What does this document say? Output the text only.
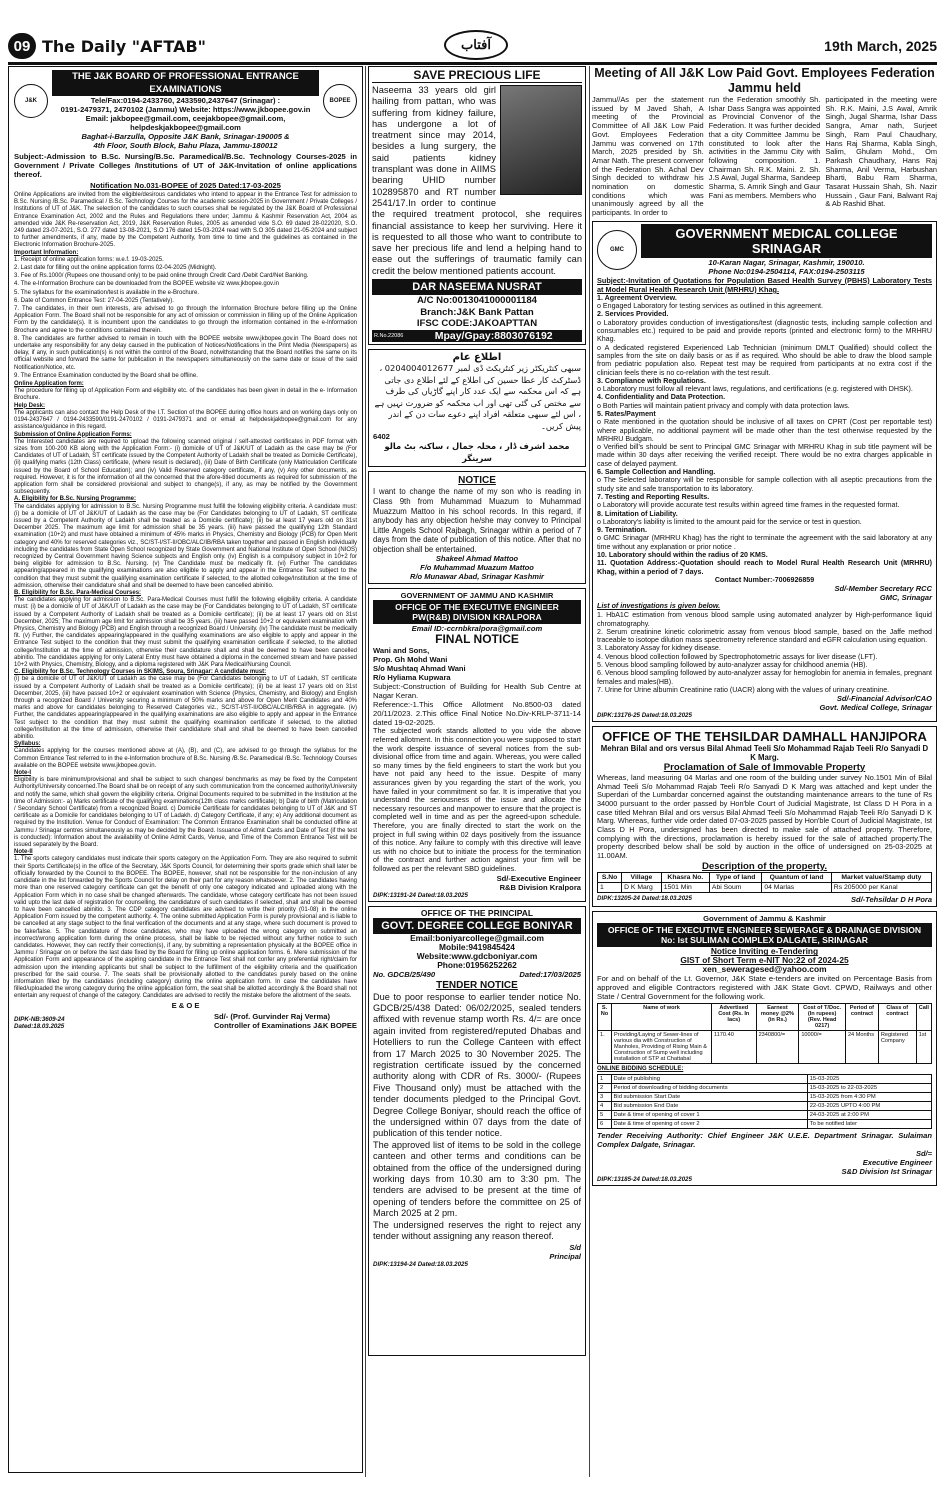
09 The Daily "AFTAB"	آفتاب	19th March, 2025
J&K
THE J&K BOARD OF PROFESSIONAL ENTRANCE EXAMINATIONS
Tele/Fax:0194-2433760, 2433590,2437647 (Srinagar) :
0191-2479371, 2470102 (Jammu) Website: https://www.jkbopee.gov.in
Email: jakbopee@gmail.com, ceejakbopee@gmail.com,
helpdeskjakbopee@gmail.com
BOPEE
Baghat-i-Barzulla, Opposite J&K Bank, Srinagar-190005 &
4th Floor, South Block, Bahu Plaza, Jammu-180012
Subject:-Admission to B.Sc. Nursing/B.Sc. Paramedical/B.Sc. Technology Courses-2025 in Government / Private Colleges /Institutions of UT of J&K-Invitation of online applications thereof.
Notification No.031-BOPEE of 2025 Dated:17-03-2025
Online Applications are invited from the eligible/desirous candidates who intend to appear in the Entrance Test for admission to B.Sc. Nursing /B.Sc. Paramedical / B.Sc. Technology Courses for the academic session-2025 in Government / Private Colleges / Institutions of UT of J&K. The selection of the candidates to such courses shall be regulated by the J&K Board of Professional Entrance Examination Act, 2002 and the Rules and Regulations there under; Jammu & Kashmir Reservation Act, 2004 as amended vide J&K Re-reservation Act, 2019, J&K Reservation Rules, 2005 as amended vide S.O. 69 dated 28-022020, S.O. 249 dated 23-07-2021, S.O. 277 dated 13-08-2021, S.O 176 dated 15-03-2024 read with S.O 305 dated 21-05-2024 and subject to further amendments, if any, made by the Competent Authority, from time to time and the guidelines as contained in the Electronic Information Brochure-2025.
Important Information:
1. Receipt of online application forms: w.e.f. 19-03-2025.
2. Last date for filling out the online application forms 02-04-2025 (Midnight).
3. Fee of Rs.1000/ (Rupees one thousand only) to be paid online through Credit Card /Debit Card/Net Banking.
4. The e-Information Brochure can be downloaded from the BOPEE website viz www.jkbopee.gov.in
5. The syllabus for the examination/test is available in the e-Brochure.
6. Date of Common Entrance Test: 27-04-2025 (Tentatively).
7. The candidates, in their own interests, are advised to go through the Information Brochure before filling up the Online Application Form. The Board shall not be responsible for any act of omission or commission in filling up of the Online Application Form by the candidate(s). It is incumbent upon the candidates to go through the information contained in the e-Information Brochure and agree to the conditions contained therein.
8. The candidates are further advised to remain in touch with the BOPEE website www.jkbopee.gov.in The Board does not undertake any responsibility for any delay caused in the publication of Notices/Notifications in the Print Media (Newspapers) as delay, if any, in such publication(s) is not within the control of the Board, notwithstanding that the Board notifies the same on its official website and forward the same for publication in the newspapers simultaneously on the same date or issue of the said Notification/Notice, etc.
9. The Entrance Examination conducted by the Board shall be offline.
Online Application form:
The procedure for filling up of Application Form and eligibility etc. of the candidates has been given in detail in the e- Information Brochure.
Help Desk:
The applicants can also contact the Help Desk of the I.T. Section of the BOPEE during office hours and on working days only on 0194-2437647 / 0194-2433590/0191-2470102 / 0191-2479371 and or email at helpdeskjakbopee@gmail.com for any assistance/guidance in this regard.
Submission of Online Application Forms:
The Interested candidates are required to upload the following scanned original / self-attested certificates in PDF format with sizes from 100-200 KB along with the Application Form:- (i) domicile of UT of J&K/UT of Ladakh as the case may be (For Candidates of UT of Ladakh, ST certificate issued by the Competent Authority of Ladakh shall be treated as Domicile Certificate), (ii) qualifying marks (12th Class) certificate, (where result is declared), (iii) Date of Birth Certificate (only Matriculation Certificate issued by the Board of School Education); and (iv) Valid Reserved category certificate, if any, (v) Any other documents, as required. However, it is for the information of all the concerned that the afore-titled documents as required for submission of the application form shall be considered provisional and subject to change(s), if any, as may be notified by the Government subsequently.
A. Eligibility for B.Sc. Nursing Programme:
The candidates applying for admission to B.Sc. Nursing Programme must fulfill the following eligibility criteria. A candidate must: (i) be a domicile of UT of J&K/UT of Ladakh as the case may be (For Candidates belonging to UT of Ladakh, ST certificate issued by a Competent Authority of Ladakh shall be treated as a Domicile certificate); (ii) be at least 17 years old on 31st December 2025. The maximum age limit for admission shall be 35 years. (iii) have passed the qualifying 12th Standard examination (10+2) and must have obtained a minimum of 45% marks in Physics, Chemistry and Biology (PCB) for Open Merit category and 40% for reserved categories viz., SC/ST-I/ST-II/OBC/ALC/IB/RBA taken together and passed in English individually including the candidates from State Open School recognized by State Government and National Institute of Open School (NIOS) recognized by Central Government having Science subjects and English only. (iv) English is a compulsory subject in 10+2 for being eligible for admission to B.Sc. Nursing. (v) The Candidate must be medically fit. (vi) Further The candidates appearing/appeared in the qualifying examinations are also eligible to apply and appear in the Entrance Test subject to the condition that they must submit the qualifying examination certificate if selected, to the allotted college/Institution at the time of admission, otherwise their candidature shall and shall be deemed to have been cancelled abinitio.
B. Eligibility for B.Sc. Para-Medical Courses:
The candidates applying for admission to B.Sc. Para-Medical Courses must fulfill the following eligibility criteria. A candidate must: (i) be a domicile of UT of J&K/UT of Ladakh as the case may be (For Candidates belonging to UT of Ladakh, ST certificate issued by a Competent Authority of Ladakh shall be treated as a Domicile certificate); (ii) be at least 17 years old on 31st December, 2025; The maximum age limit for admission shall be 35 years. (iii) have passed 10+2 or equivalent examination with Physics, Chemistry and Biology (PCB) and English through a recognized Board / University. (iv) The candidate must be medically fit. (v) Further, the candidates appearing/appeared in the qualifying examinations are also eligible to apply and appear in the Entrance Test subject to the condition that they must submit the qualifying examination certificate if selected, to the allotted college/Institution at the time of admission, otherwise their candidature shall and shall be deemed to have been cancelled abinitio. The candidates applying for only Lateral Entry must have obtained a diploma in the concerned stream and have passed 10+2 with Physics, Chemistry, Biology, and a diploma registered with J&K Para Medical/Nursing Council.
C. Eligibility for B.Sc. Technology Courses in SKIMS, Soura, Srinagar: A candidate must:
(i) be a domicile of UT of J&K/UT of Ladakh as the case may be (For Candidates belonging to UT of Ladakh, ST certificate issued by a Competent Authority of Ladakh shall be treated as a Domicile certificate); (ii) be at least 17 years old on 31st December, 2025, (iii) have passed 10+2 or equivalent examination with Science (Physics, Chemistry, and Biology) and English through a recognized Board / University securing a minimum of 50% marks and above for Open Merit Candidates and 40% marks and above for candidates belonging to Reserved Categories viz., SC/ST-I/ST-II/OBC/ALC/IB/RBA in aggregate. (iv) Further, the candidates appearing/appeared in the qualifying examinations are also eligible to apply and appear in the Entrance Test subject to the condition that they must submit the qualifying examination certificate if selected, to the allotted college/Institution at the time of admission, otherwise their candidature shall and shall be deemed to have been cancelled abinitio.
Syllabus:
Candidates applying for the courses mentioned above at (A), (B), and (C), are advised to go through the syllabus for the Common Entrance Test referred to in the e-Information brochure of B.Sc. Nursing /B.Sc. Paramedical /B.Sc. Technology Courses available on the BOPEE website www.jkbopee.gov.in.
Note-I
Eligibility is bare minimum/provisional and shall be subject to such changes/ benchmarks as may be fixed by the Competent Authority/University concerned.The Board shall be on receipt of any such communication from the concerned authority/University and notify the same, which shall govern the eligibility criteria. Original Documents required to be submitted in the Institution at the time of Admission:- a) Marks certificate of the qualifying examinations(12th class marks certificate); b) Date of birth (Matriculation / Secondary School Certificate) from a recognized Board. c) Domicile Certificate for candidates belonging to UT of J&K and ST certificate as a Domicile for candidates belonging to UT of Ladakh. d) Category Certificate, if any; e) Any additional document as required by the Institution. Venue for Conduct of Examination: The Common Entrance Examination shall be conducted offline at Jammu / Srinagar centres simultaneously as may be decided by the Board. Issuance of Admit Cards and Date of Test (if the test is conducted): Information about the availability of Online Admit Cards, Venue, and Time of the Common Entrance Test will be issued separately by the Board.
Note-II
1. The sports category candidates must indicate their sports category on the Application Form. They are also required to submit their Sports Certificate(s) in the office of the Secretary, J&K Sports Council, for determining their sports grade which shall later be officially forwarded by the Council to the BOPEE. The BOPEE, however, shall not be responsible for the non-inclusion of any candidate in the list forwarded by the Sports Council for delay on their part for any reason whatsoever. 2. The candidates having more than one reserved category certificate can get the benefit of only one category indicated and uploaded along with the Application Form which in no case shall be changed afterwards. The candidate, whose category certificate has not been issued valid upto the last date of registration for counselling, the candidature of such candidates if selected, shall and shall be deemed to have been cancelled abinitio. 3. The CDP category candidates are advised to write their priority (01-08) in the online Application Form issued by the competent authority. 4. The online submitted Application Form is purely provisional and is liable to be cancelled at any stage subject to the final verification of the documents and at any stage, where such document is proved to be fake/false. 5. The candidature of those candidates, who may have uploaded the wrong category on submitted an incorrect/wrong application form during the online process, shall be liable to be rejected without any further notice to such candidates. However, they can rectify their correction(s), if any, by submitting a representation physically at the BOPEE office in Jammu / Srinagar on or before the last date fixed by the Board for filling up online application forms. 6. Mere submission of the Application Form and appearance of the aspiring candidate in the Entrance Test shall not confer any preferential right/claim for admission upon the intending applicants but shall be subject to the fulfillment of the eligibility criteria and the qualification prescribed for the said course. 7. The seats shall be provisionally allotted to the candidates purely based on the online information filled by the candidates (including category) during the online application form. In case the candidates have filled/uploaded the wrong category during the online application form, the seat shall be allotted accordingly & the Board shall not entertain any request of change of the category. Candidates are advised to rectify the mistake before the allotment of the seats.
E & O E
DIPK-NB:3609-24
Dated:18.03.2025
Sd/- (Prof. Gurvinder Raj Verma)
Controller of Examinations J&K BOPEE
SAVE PRECIOUS LIFE
Naseema 33 years old girl hailing from pattan, who was suffering from kidney failure, has undergone a lot of treatment since may 2014, besides a lung surgery, the said patients kidney transplant was done in AIIMS bearing UHID number 102895870 and RT number 2541/17.In order to continue the required treatment protocol, she requires financial assistance to keep her surviving. Here it is requested to all those who want to contribute to save her precious life and lend a helping hand to ease out the sufferings of traumatic family can credit the below mentioned patients account.
DAR NASEEMA NUSRAT
A/C No:0013041000001184
Branch:J&K Bank Pattan
IFSC CODE:JAKOAPTTAN
R.No.22086	Mpay/Gpay:8803076192
اطلاع عام
سبھی کنٹریکٹر زیر کنٹریکٹ ڈی لمبر 0204004012677 ، ڈسٹرکٹ کار عطا حسین کی اطلاع کے لئے اطلاع دی جاتی ہے کہ اس محکمہ سے ایک عدد کار اپنے گاڑیاں کی طرف سے مختص کی گئی تھی اور اب محکمہ کو ضرورت نہیں ہے ، اس لئے سبھی متعلقہ افراد اپنے دعوے سات دن کے اندر پیش کریں۔
6402
محمد اشرف ڈار ، محلہ جمال ، ساکنہ بٹ مالو سرینگر
NOTICE
I want to change the name of my son who is reading in Class 9th from Muhammad Muazum to Muhammad Muazzum Mattoo in his school records. In this regard, if anybody has any objection he/she may convey to Principal Little Angels School Rajbagh, Srinagar within a period of 7 days from the date of publication of this notice. After that no objection shall be entertained.
Shakeel Ahmad Mattoo
F/o Muhammad Muazum Mattoo
R/o Munawar Abad, Srinagar Kashmir
GOVERNMENT OF JAMMU AND KASHMIR
OFFICE OF THE EXECUTIVE ENGINEER PW(R&B) DIVISION KRALPORA
Email ID:-ccrnbkralpora@gmail.com
FINAL NOTICE
Wani and Sons,
Prop. Gh Mohd Wani
S/o Mushtaq Ahmad Wani
R/o Hyliama Kupwara
Subject:-Construction of Building for Health Sub Centre at Nagar Keran.
Reference:-1.This Office Allotment No.8500-03 dated 20/11/2023. 2.This office Final Notice No.Div-KRLP-3711-14 dated 19-02-2025.
The subjected work stands allotted to you vide the above referred allotment. In this connection you were supposed to start the work despite issuance of several notices from the sub-divisional office from time and again. Whereas, you were called so many times by the field engineers to start the work but you have not paid any heed to the issue. Despite of many assurances given by you regarding the start of the work, you have failed in your commitment so far. It is imperative that you understand the seriousness of the issue and allocate the necessary resources and manpower to ensure that the project is completed well in time and as per the agreed-upon schedule. Therefore, you are finally directed to start the work on the project in full swing within 02 days positively from the issuance of this notice. Any failure to comply with this directive will leave us with no choice but to initiate the process for the termination of the contract and further action against your firm will be followed as per the relevant SBD guidelines.
Sd/-Executive Engineer
R&B Division Kralpora
DIPK:13191-24 Dated:18.03.2025
OFFICE OF THE PRINCIPAL
GOVT. DEGREE COLLEGE BONIYAR
Email:boniyarcollege@gmail.com
Mobile:9419845424
Website:www.gdcboniyar.com
Phone:01956252262
No. GDCB/25/490	Dated:17/03/2025
TENDER NOTICE
Due to poor response to earlier tender notice No. GDCB/25/438 Dated: 06/02/2025, sealed tenders affixed with revenue stamp worth Rs. 4/= are once again invited from registered/reputed Dhabas and Hotelliers to run the College Canteen with effect from 17 March 2025 to 30 November 2025. The registration certificate issued by the concerned authority along with CDR of Rs. 3000/- (Rupees Five Thousand only) must be attached with the tender documents pledged to the Principal Govt. Degree College Boniyar, should reach the office of the undersigned within 07 days from the date of publication of this tender notice.
The approved list of items to be sold in the college canteen and other terms and conditions can be obtained from the office of the undersigned during working days from 10.30 am to 3:30 pm. The tenders are advised to be present at the time of opening of tenders before the committee on 25 of March 2025 at 2 pm.
The undersigned reserves the right to reject any tender without assigning any reason thereof.
S/d
Principal
DIPK:13194-24 Dated:18.03.2025
Meeting of All J&K Low Paid Govt. Employees Federation Jammu held
Jammu//As per the statement issued by M Javed Shah, A meeting of the Provincial Committee of All J&K Low Paid Govt. Employees Federation Jammu was convened on 17th March, 2025 presided by Sh. Amar Nath. The present convenor of the Federation Sh. Achal Dev Singh decided to withdraw his nomination on domestic conditions which was unanimously agreed by all the participants. In order to
run the Federation smoothly Sh. Ishar Dass Sangra was appointed as Provincial Convenor of the Federation. It was further decided that a city Committee Jammu be constituted to look after the activities in the Jammu City with following composition. 1. Chairman Sh. R.K. Maini. 2. Sh. J.S Awal, Jugal Sharma, Sandeep Sharma, S. Amrik Singh and Gaur Fani as members. Members who
participated in the meeting were Sh. R.K. Maini, J.S Awal, Amrik Singh, Jugal Sharma, Ishar Dass Sangra, Amar nath, Surjeet Singh, Ram Paul Chaudhary, Hans Raj Sharma, Kabla Singh, Salim, Ghulam Mohd., Om Parkash Chaudhary, Hans Raj Sharma, Anil Verma, Harbushan Bharti, Babu Ram Sharma, Tasarat Hussain Shah, Sh. Nazir Hussain , Gaur Fani, Balwant Raj & Ab Rashid Bhat.
GMC
GOVERNMENT MEDICAL COLLEGE SRINAGAR
10-Karan Nagar, Srinagar, Kashmir, 190010.
Phone No:0194-2504114, FAX:0194-2503115
Subject:-Invitation of Quotations for Population Based Health Survey (PBHS) Laboratory Tests at Model Rural Health Research Unit (MRHRU) Khag.
1. Agreement Overview.
o Engaged Laboratory for testing services as outlined in this agreement.
2. Services Provided.
o Laboratory provides conduction of investigations/test (diagnostic tests, including sample collection and consumables etc.) required to be paid and provide reports (printed and electronic form) to the MRHRU Khag.
o A dedicated registered Experienced Lab Technician (minimum DMLT Qualified) should collect the samples from the site on daily basis or as if as required. Who should be able to draw the blood sample from pediatric population also. Repeat test may be required from participants at no extra cost if the clinician feels there is no co-relation with the test result.
3. Compliance with Regulations.
o Laboratory must follow all relevant laws, regulations, and certifications (e.g. registered with DHSK).
4. Confidentiality and Data Protection.
o Both Parties will maintain patient privacy and comply with data protection laws.
5. Rates/Payment
o Rate mentioned in the quotation should be inclusive of all taxes on CPRT (Cost per reportable test) where applicable, no additional payment will be made other than the test otherwise requested by the MRHRU Budgam.
o Verified bill's should be sent to Principal GMC Srinagar with MRHRU Khag in sub title payment will be made within 30 days after receiving the verified receipt. There would be no extra charges applicable in case of delayed payment.
6. Sample Collection and Handling.
o The Selected laboratory will be responsible for sample collection with all aseptic precautions from the study site and safe transportation to its laboratory.
7. Testing and Reporting Results.
o Laboratory will provide accurate test results within agreed time frames in the requested format.
8. Limitation of Liability.
o Laboratory's liability is limited to the amount paid for the service or test in question.
9. Termination.
o GMC Srinagar (MRHRU Khag) has the right to terminate the agreement with the said laboratory at any time without any explanation or prior notice .
10. Laboratory should within the radius of 20 KMS.
11. Quotation Address:-Quotation should reach to Model Rural Health Research Unit (MRHRU) Khag, within a period of 7 days.
Contact Number:-7006926859
Sd/-Member Secretary RCC
GMC, Srinagar
List of investigations is given below.
1. HbA1C estimation from venous blood sample using automated analyzer by High-performance liquid chromatography.
2. Serum creatinine kinetic colorimetric assay from venous blood sample, based on the Jaffe method traceable to isotope dilution mass spectrometry reference standard and eGFR calculation using equation.
3. Laboratory Assay for kidney disease.
4. Venous blood collection followed by Spectrophotometric assays for liver disease (LFT).
5. Venous blood sampling followed by auto-analyzer assay for childhood anemia (HB).
6. Venous blood sampling followed by auto-analyzer assay for hemoglobin for anemia in females, pregnant females and males(HB).
7. Urine for Urine albumin Creatinine ratio (UACR) along with the values of urinary creatinine.
Sd/-Financial Advisor/CAO
Govt. Medical College, Srinagar
DIPK:13176-25 Dated:18.03.2025
OFFICE OF THE TEHSILDAR DAMHALL HANJIPORA
Mehran Bilal and ors versus Bilal Ahmad Teeli S/o Mohammad Rajab Teeli R/o Sanyadi D K Marg.
Proclamation of Sale of Immovable Property
Whereas, land measuring 04 Marlas and one room of the building under survey No.1501 Min of Bilal Ahmad Teeli S/o Mohammad Rajab Teeli R/o Sanyadi D K Marg was attached and kept under the Superdari of the Lumbardar concerned against the outstanding maintenance arrears to the tune of Rs 34000 pursuant to the order passed by Hon'ble Court of Judicial Magistrate, Ist Class D H Pora in a case titled Mehran Bilal and ors versus Bilal Ahmad Teeli S/o Mohammad Rajab Teeli R/o Sanyadi D K Marg. Whereas, further vide order dated 07-03-2025 passed by Hon'ble Court of Judicial Magistrate, Ist Class D H Pora, undersigned has been directed to make sale of attached property. Therefore, complying with the directions, proclamation is hereby issued for the sale of attached property.The property described below shall be sold by auction in the office of undersigned on 25-03-2025 at 11.00AM.
Description of the property.
S.No	Village	Khasra No.	Type of land	Quantum of land	Market value/Stamp duty
1	D K Marg	1501 Min	Abi Soum	04 Marlas	Rs 205000 per Kanal
DIPK:13205-24 Dated:18.03.2025	Sd/-Tehsildar D H Pora
Government of Jammu & Kashmir
OFFICE OF THE EXECUTIVE ENGINEER SEWERAGE & DRAINAGE DIVISION No: Ist SULIMAN COMPLEX DALGATE, SRINAGAR
Notice Inviting e-Tendering
GIST of Short Term e-NIT No:22 of 2024-25
xen_seweragesed@yahoo.com
For and on behalf of the Lt. Governor, J&K State e-tenders are invited on Percentage Basis from approved and eligible Contractors registered with J&K State Govt. CPWD, Railways and other State / Central Government for the following work.
S. No	Name of work	Advertised Cost (Rs. In lacs)	Earnest money @2% (in Rs.)	Cost of T/Doc. (In rupees) (Rev. Head 0217)	Period of contract	Class of contract	Call
1.	Providing/Laying of Sewer-lines of various dia with Construction of Manholes, Providing of Rising Main & Construction of Sump well including installation of STP at Chattabal	1170.40	2340800/=	10000/=	24 Months	Registered Company	1st
ONLINE BIDDING SCHEDULE:
1	Date of publishing	15-03-2025
2	Period of downloading of bidding documents	15-03-2025 to 22-03-2025
3	Bid submission Start Date	15-03-2025 from 4:30 PM
4	Bid submission End Date	22-03-2025 UPTO 4:00 PM
5	Date & time of opening of cover 1	24-03-2025 at 2:00 PM
6	Date & time of opening of cover 2	To be notified later
Tender Receiving Authority: Chief Engineer J&K U.E.E. Department Srinagar. Sulaiman Complex Dalgate, Srinagar.
Sd/=
Executive Engineer
S&D Division Ist Srinagar
DIPK:13185-24 Dated:18.03.2025
